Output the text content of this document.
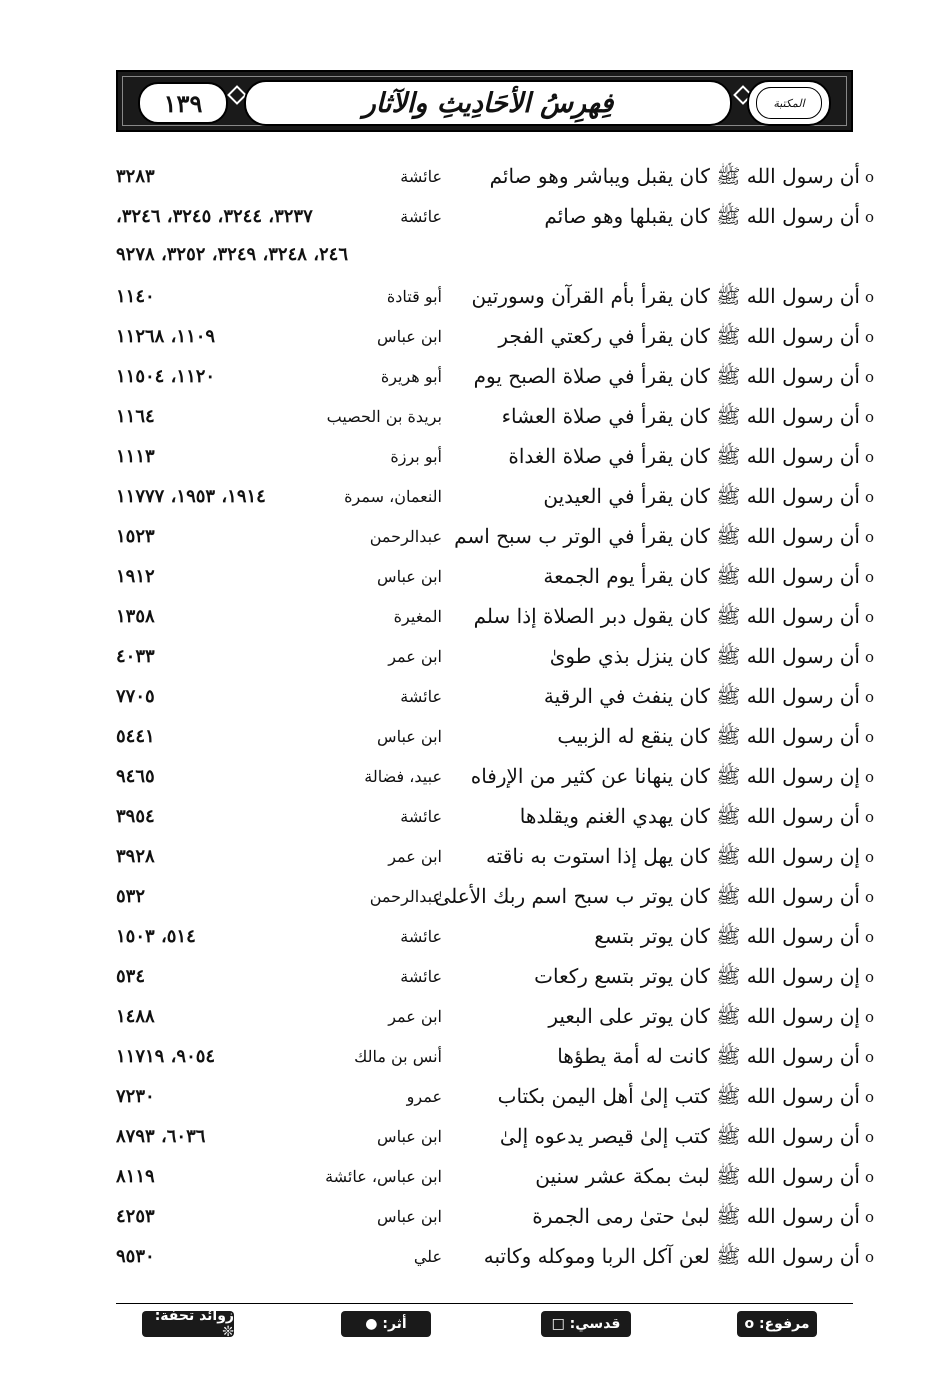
١٣٩	فِهرِسُ الأحَادِيثِ والآثار	المكتبة
oأن رسول الله ﷺ كان يقبل ويباشر وهو صائم
عائشة
٣٢٨٣
oأن رسول الله ﷺ كان يقبلها وهو صائم
عائشة
٣٢٣٧، ٣٢٤٤، ٣٢٤٥، ٣٢٤٦،
٢٤٦، ٣٢٤٨، ٣٢٤٩، ٣٢٥٢، ٩٢٧٨
oأن رسول الله ﷺ كان يقرأ بأم القرآن وسورتين
أبو قتادة
١١٤٠
oأن رسول الله ﷺ كان يقرأ في ركعتي الفجر
ابن عباس
١١٠٩، ١١٢٦٨
oأن رسول الله ﷺ كان يقرأ في صلاة الصبح يوم
أبو هريرة
١١٢٠، ١١٥٠٤
oأن رسول الله ﷺ كان يقرأ في صلاة العشاء
بريدة بن الحصيب
١١٦٤
oأن رسول الله ﷺ كان يقرأ في صلاة الغداة
أبو برزة
١١١٣
oأن رسول الله ﷺ كان يقرأ في العيدين
النعمان، سمرة
١٩١٤، ١٩٥٣، ١١٧٧٧
oأن رسول الله ﷺ كان يقرأ في الوتر ب سبح اسم
عبدالرحمن
١٥٢٣
oأن رسول الله ﷺ كان يقرأ يوم الجمعة
ابن عباس
١٩١٢
oأن رسول الله ﷺ كان يقول دبر الصلاة إذا سلم
المغيرة
١٣٥٨
oأن رسول الله ﷺ كان ينزل بذي طوىٰ
ابن عمر
٤٠٣٣
oأن رسول الله ﷺ كان ينفث في الرقية
عائشة
٧٧٠٥
oأن رسول الله ﷺ كان ينقع له الزبيب
ابن عباس
٥٤٤١
oإن رسول الله ﷺ كان ينهانا عن كثير من الإرفاه
عبيد، فضالة
٩٤٦٥
oأن رسول الله ﷺ كان يهدي الغنم ويقلدها
عائشة
٣٩٥٤
oإن رسول الله ﷺ كان يهل إذا استوت به ناقته
ابن عمر
٣٩٢٨
oأن رسول الله ﷺ كان يوتر ب سبح اسم ربك الأعلىٰ
عبدالرحمن
٥٣٢
oأن رسول الله ﷺ كان يوتر بتسع
عائشة
٥١٤، ١٥٠٣
oإن رسول الله ﷺ كان يوتر بتسع ركعات
عائشة
٥٣٤
oإن رسول الله ﷺ كان يوتر على البعير
ابن عمر
١٤٨٨
oأن رسول الله ﷺ كانت له أمة يطؤها
أنس بن مالك
٩٠٥٤، ١١٧١٩
oأن رسول الله ﷺ كتب إلىٰ أهل اليمن بكتاب
عمرو
٧٢٣٠
oأن رسول الله ﷺ كتب إلىٰ قيصر يدعوه إلىٰ
ابن عباس
٦٠٣٦، ٨٧٩٣
oأن رسول الله ﷺ لبث بمكة عشر سنين
ابن عباس، عائشة
٨١١٩
oأن رسول الله ﷺ لبىٰ حتىٰ رمى الجمرة
ابن عباس
٤٢٥٣
oأن رسول الله ﷺ لعن آكل الربا وموكله وكاتبه
علي
٩٥٣٠
مرفوع: o
قدسي: □
أثر: ●
زوائد تحفة: ❊
